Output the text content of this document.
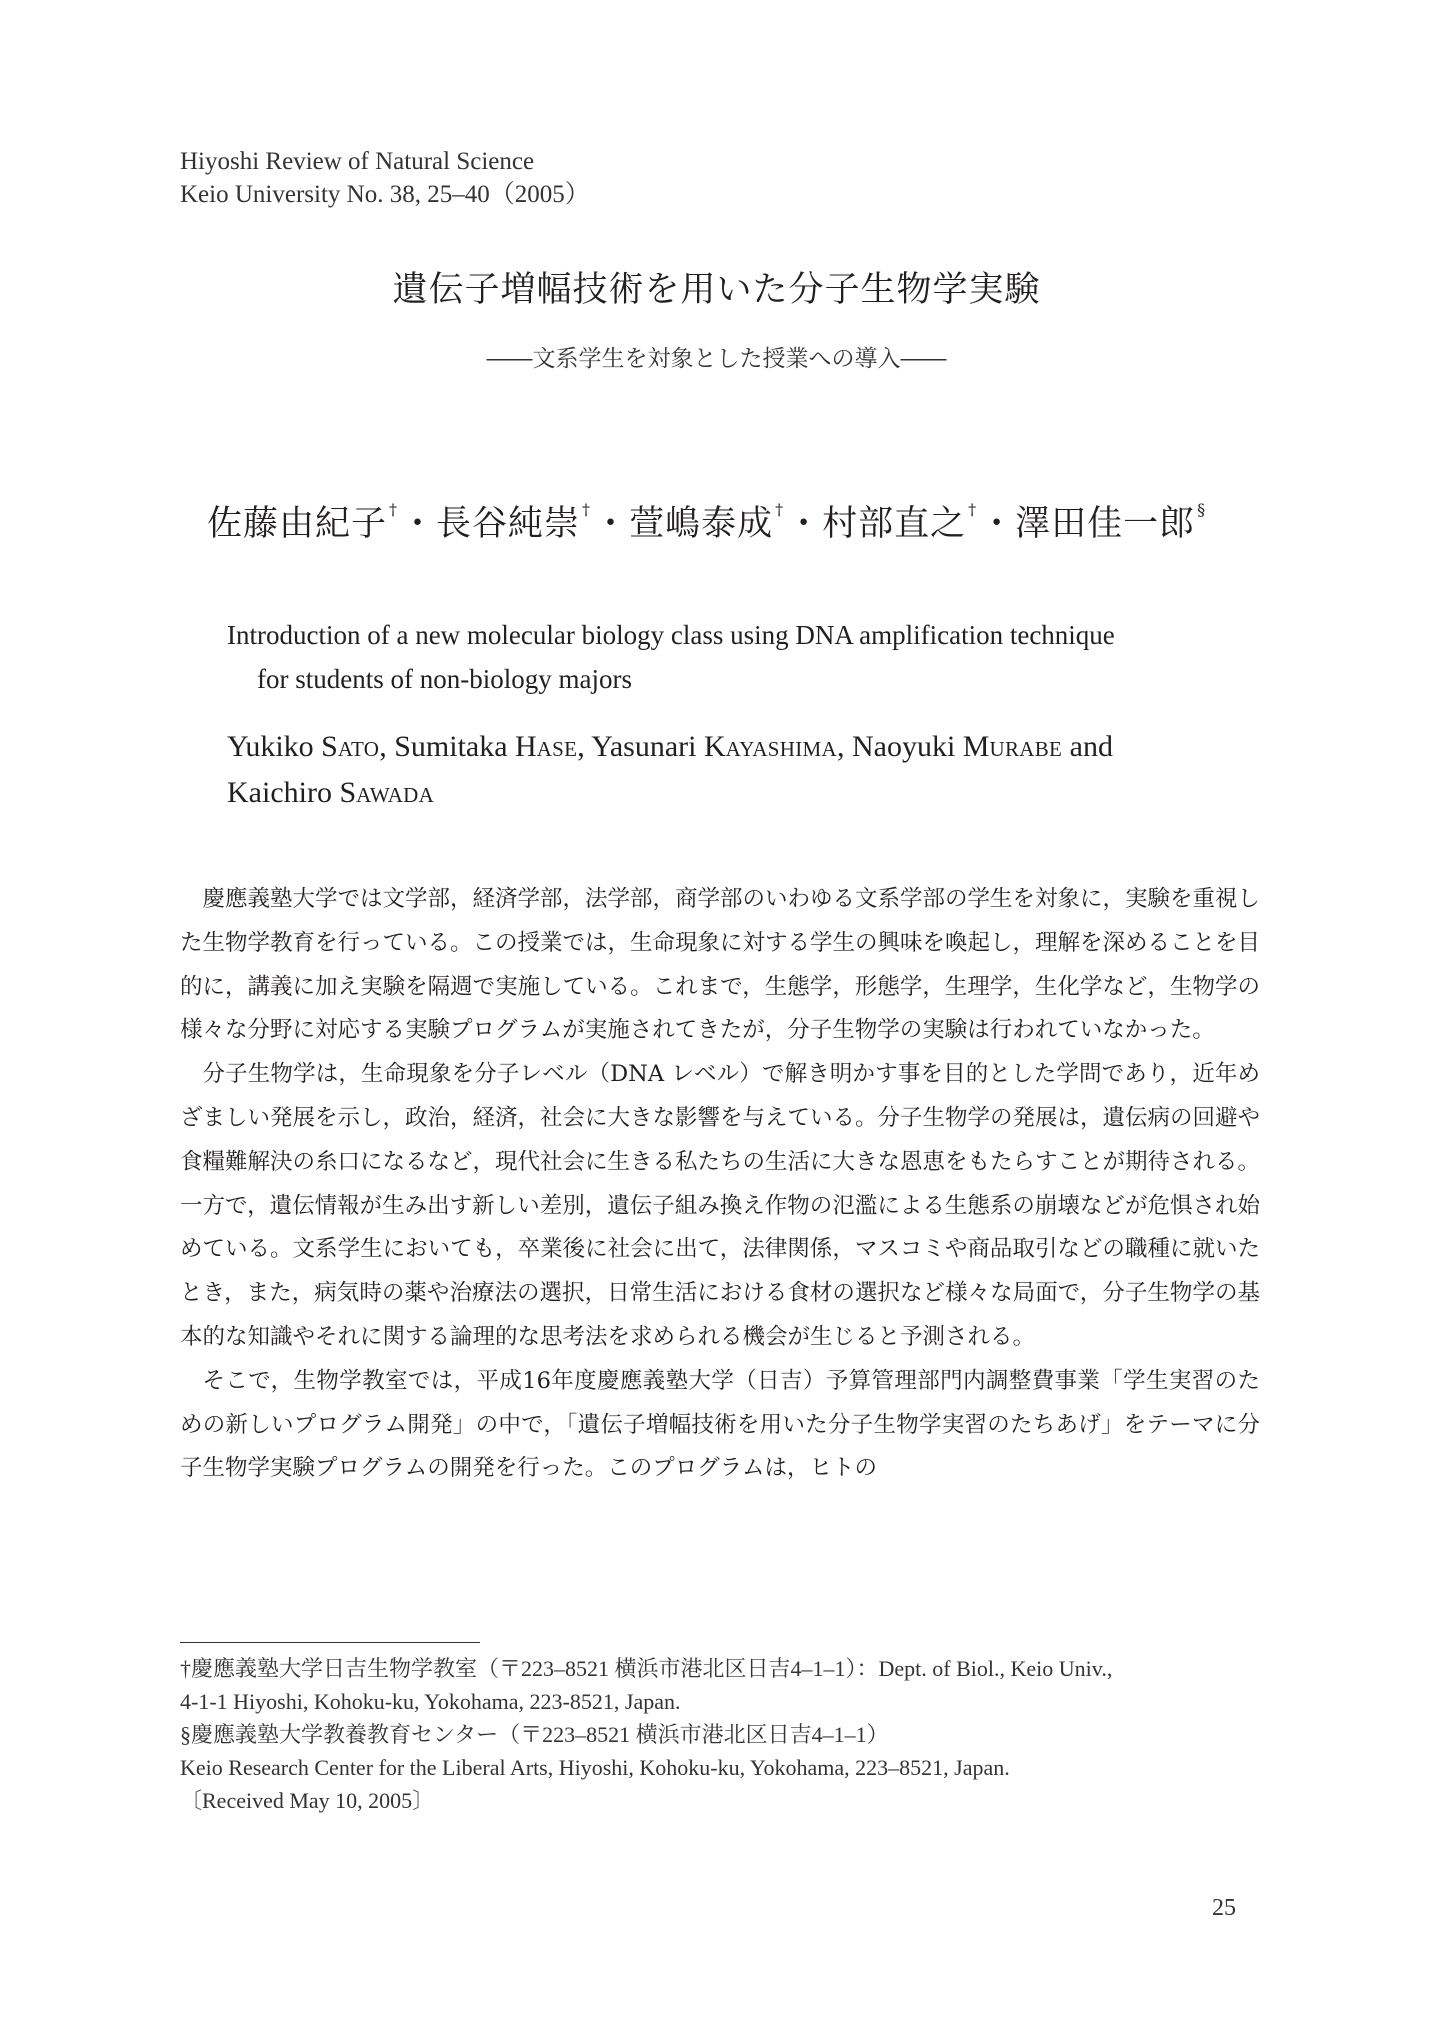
Hiyoshi Review of Natural Science
Keio University No. 38, 25–40（2005）
遺伝子増幅技術を用いた分子生物学実験
――文系学生を対象とした授業への導入――
佐藤由紀子 †・長谷純崇 †・萱嶋泰成 †・村部直之 †・澤田佳一郎 §
Introduction of a new molecular biology class using DNA amplification technique
for students of non-biology majors
Yukiko SATO, Sumitaka HASE, Yasunari KAYASHIMA, Naoyuki MURABE and
Kaichiro SAWADA

慶應義塾大学では文学部，経済学部，法学部，商学部のいわゆる文系学部の学生を対象に，実験を重視した生物学教育を行っている。この授業では，生命現象に対する学生の興味を喚起し，理解を深めることを目的に，講義に加え実験を隔週で実施している。これまで，生態学，形態学，生理学，生化学など，生物学の様々な分野に対応する実験プログラムが実施されてきたが，分子生物学の実験は行われていなかった。

分子生物学は，生命現象を分子レベル（DNA レベル）で解き明かす事を目的とした学問であり，近年めざましい発展を示し，政治，経済，社会に大きな影響を与えている。分子生物学の発展は，遺伝病の回避や食糧難解決の糸口になるなど，現代社会に生きる私たちの生活に大きな恩恵をもたらすことが期待される。一方で，遺伝情報が生み出す新しい差別，遺伝子組み換え作物の氾濫による生態系の崩壊などが危惧され始めている。文系学生においても，卒業後に社会に出て，法律関係，マスコミや商品取引などの職種に就いたとき，また，病気時の薬や治療法の選択，日常生活における食材の選択など様々な局面で，分子生物学の基本的な知識やそれに関する論理的な思考法を求められる機会が生じると予測される。

そこで，生物学教室では，平成16年度慶應義塾大学（日吉）予算管理部門内調整費事業「学生実習のための新しいプログラム開発」の中で，「遺伝子増幅技術を用いた分子生物学実習のたちあげ」をテーマに分子生物学実験プログラムの開発を行った。このプログラムは，ヒトの

†慶應義塾大学日吉生物学教室（〒223–8521 横浜市港北区日吉4–1–1）：Dept. of Biol., Keio Univ.,
4-1-1 Hiyoshi, Kohoku-ku, Yokohama, 223-8521, Japan.
§慶應義塾大学教養教育センター（〒223–8521 横浜市港北区日吉4–1–1）
Keio Research Center for the Liberal Arts, Hiyoshi, Kohoku-ku, Yokohama, 223–8521, Japan.
〔Received May 10, 2005〕
25
